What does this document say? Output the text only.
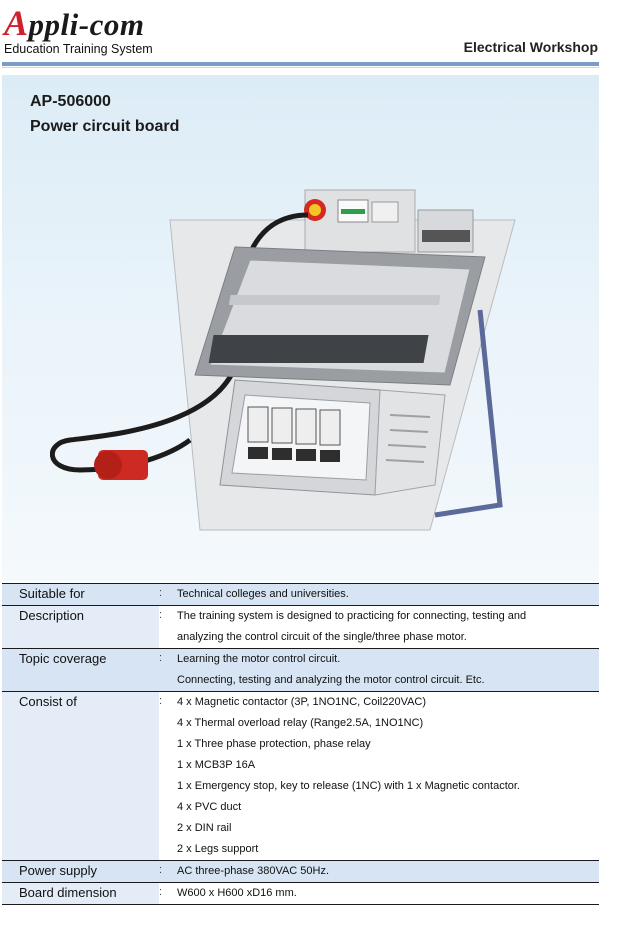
Appli-com
Education Training System	Electrical Workshop
AP-506000
Power circuit board
Suitable for	:	Technical colleges and universities.
Description	:	The training system is designed to practicing for connecting, testing and
analyzing the control circuit of the single/three phase motor.
Topic coverage	:	Learning the motor control circuit.
Connecting, testing and analyzing the motor control circuit. Etc.
Consist of	:	4 x Magnetic contactor (3P, 1NO1NC, Coil220VAC)
4 x Thermal overload relay (Range2.5A, 1NO1NC)
1 x Three phase protection, phase relay
1 x MCB3P 16A
1 x Emergency stop, key to release (1NC) with 1 x Magnetic contactor.
4 x PVC duct
2 x DIN rail
2 x Legs support
Power supply	:	AC three-phase 380VAC 50Hz.
Board dimension	:	W600 x H600 xD16 mm.
